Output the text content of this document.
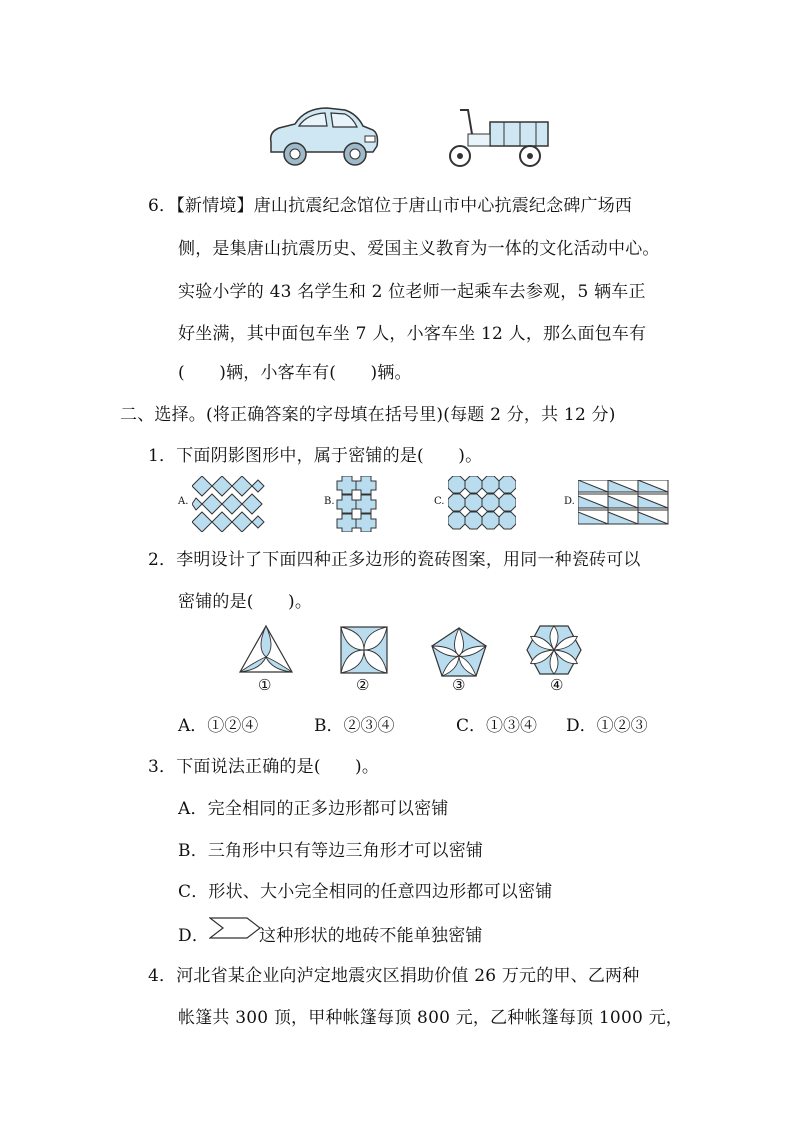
6．【新情境】唐山抗震纪念馆位于唐山市中心抗震纪念碑广场西
侧，是集唐山抗震历史、爱国主义教育为一体的文化活动中心。
实验小学的 43 名学生和 2 位老师一起乘车去参观，5 辆车正
好坐满，其中面包车坐 7 人，小客车坐 12 人，那么面包车有
(　　)辆，小客车有(　　)辆。
二、选择。(将正确答案的字母填在括号里)(每题 2 分，共 12 分)
1．下面阴影图形中，属于密铺的是(　　)。
A.	B.	C.	D.
2．李明设计了下面四种正多边形的瓷砖图案，用同一种瓷砖可以
密铺的是(　　)。
①	②	③	④
A．①②④	B．②③④	C．①③④ D．①②③
3．下面说法正确的是(　　)。
A．完全相同的正多边形都可以密铺
B．三角形中只有等边三角形才可以密铺
C．形状、大小完全相同的任意四边形都可以密铺
D．	这种形状的地砖不能单独密铺
4．河北省某企业向泸定地震灾区捐助价值 26 万元的甲、乙两种
帐篷共 300 顶，甲种帐篷每顶 800 元，乙种帐篷每顶 1000 元，
